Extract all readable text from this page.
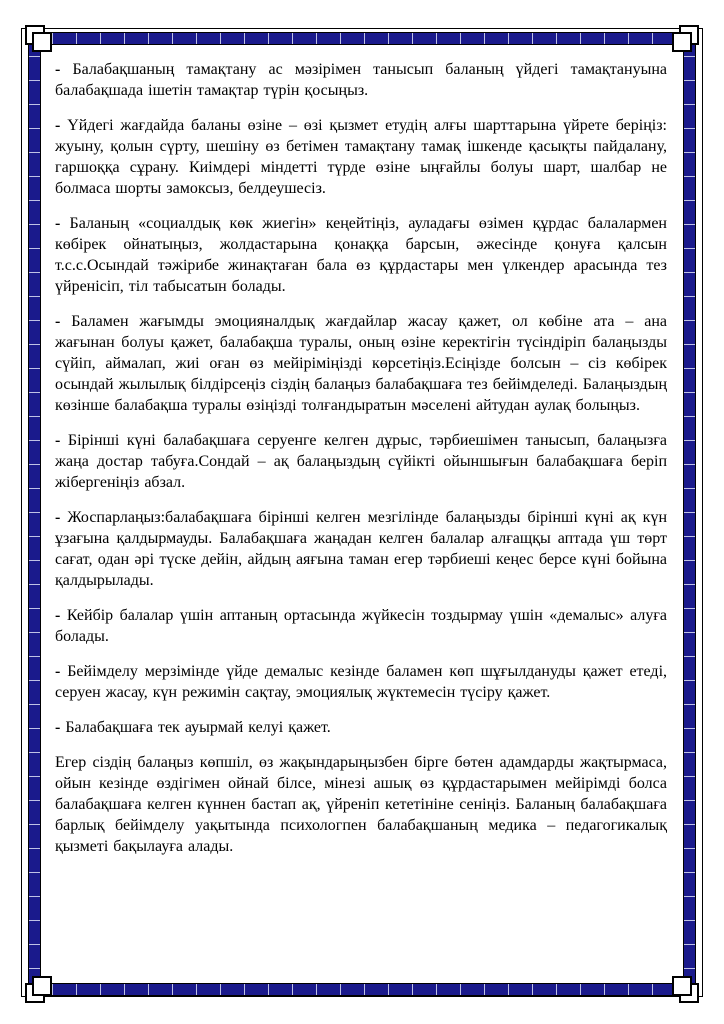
- Балабақшаның тамақтану ас мәзірімен танысып баланың үйдегі тамақтануына балабақшада ішетін тамақтар түрін қосыңыз.

- Үйдегі жағдайда баланы өзіне – өзі қызмет етудің алғы шарттарына үйрете беріңіз: жуыну, қолын сүрту, шешіну өз бетімен тамақтану тамақ ішкенде қасықты пайдалану, гаршоққа сұрану. Киімдері міндетті түрде өзіне ыңғайлы болуы шарт, шалбар не болмаса шорты замоксыз, белдеушесіз.

- Баланың «социалдық көк жиегін» кеңейтіңіз, ауладағы өзімен құрдас балалармен көбірек ойнатыңыз, жолдастарына қонаққа барсын, әжесінде қонуға қалсын т.с.с.Осындай тәжірибе жинақтаған бала өз құрдастары мен үлкендер арасында тез үйренісіп, тіл табысатын болады.

- Баламен жағымды эмоцияналдық жағдайлар жасау қажет, ол көбіне ата – ана жағынан болуы қажет, балабақша туралы, оның өзіне керектігін түсіндіріп балаңызды сүйіп, аймалап, жиі оған өз мейіріміңізді көрсетіңіз.Есіңізде болсын – сіз көбірек осындай жылылық білдірсеңіз сіздің балаңыз балабақшаға тез бейімделеді. Балаңыздың көзінше балабақша туралы өзіңізді толғандыратын мәселені айтудан аулақ болыңыз.

- Бірінші күні балабақшаға серуенге келген дұрыс, тәрбиешімен танысып, балаңызға жаңа достар табуға.Сондай – ақ балаңыздың сүйікті ойыншығын балабақшаға беріп жібергеніңіз абзал.

- Жоспарлаңыз:балабақшаға бірінші келген мезгілінде балаңызды бірінші күні ақ күн ұзағына қалдырмауды. Балабақшаға жаңадан келген балалар алғащқы аптада үш төрт сағат, одан әрі түске дейін, айдың аяғына таман егер тәрбиеші кеңес берсе күні бойына қалдырылады.

- Кейбір балалар үшін аптаның ортасында жүйкесін тоздырмау үшін «демалыс» алуға болады.

- Бейімделу мерзімінде үйде демалыс кезінде баламен көп шұғылдануды қажет етеді, серуен жасау, күн режимін сақтау, эмоциялық жүктемесін түсіру қажет.

- Балабақшаға тек ауырмай келуі қажет.

Егер сіздің балаңыз көпшіл, өз жақындарыңызбен бірге бөтен адамдарды жақтырмаса, ойын кезінде өздігімен ойнай білсе, мінезі ашық өз құрдастарымен мейірімді болса балабақшаға келген күннен бастап ақ, үйреніп кететініне сеніңіз. Баланың балабақшаға барлық бейімделу уақытында психологпен балабақшаның медика – педагогикалық қызметі бақылауға алады.
